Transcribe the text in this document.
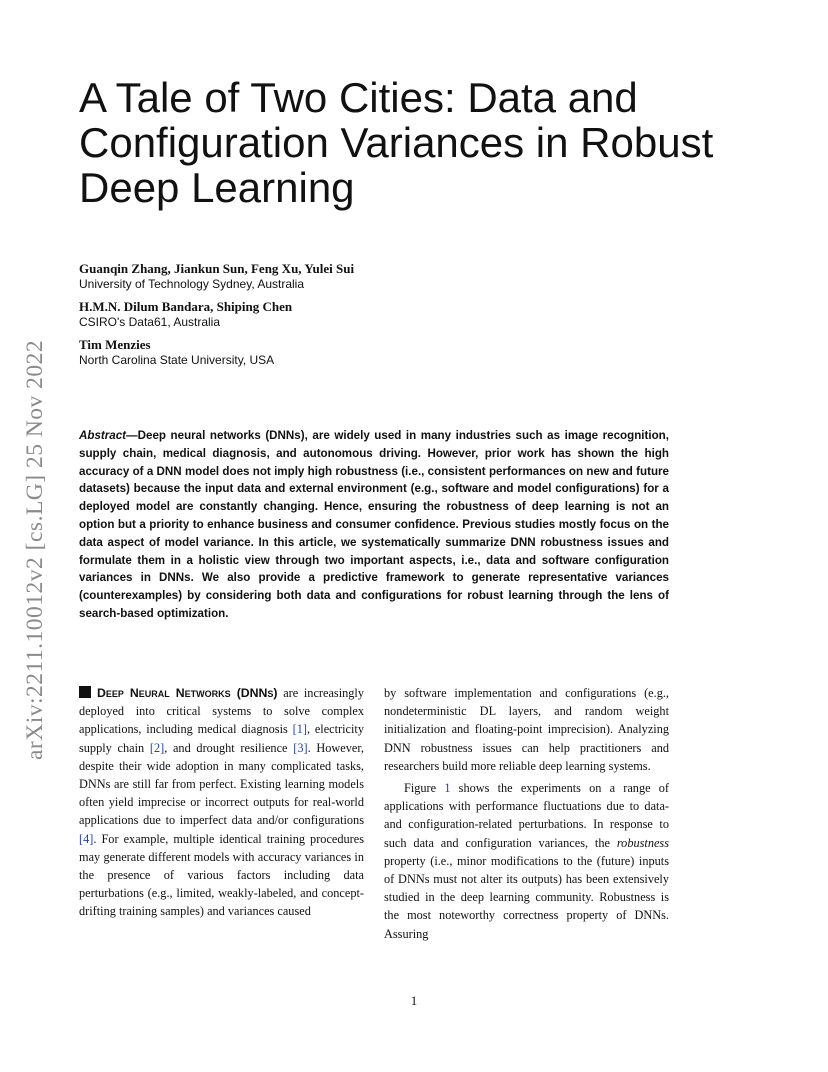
arXiv:2211.10012v2 [cs.LG] 25 Nov 2022
A Tale of Two Cities: Data and Configuration Variances in Robust Deep Learning
Guanqin Zhang, Jiankun Sun, Feng Xu, Yulei Sui
University of Technology Sydney, Australia
H.M.N. Dilum Bandara, Shiping Chen
CSIRO's Data61, Australia
Tim Menzies
North Carolina State University, USA

Abstract—Deep neural networks (DNNs), are widely used in many industries such as image recognition, supply chain, medical diagnosis, and autonomous driving. However, prior work has shown the high accuracy of a DNN model does not imply high robustness (i.e., consistent performances on new and future datasets) because the input data and external environment (e.g., software and model configurations) for a deployed model are constantly changing. Hence, ensuring the robustness of deep learning is not an option but a priority to enhance business and consumer confidence. Previous studies mostly focus on the data aspect of model variance. In this article, we systematically summarize DNN robustness issues and formulate them in a holistic view through two important aspects, i.e., data and software configuration variances in DNNs. We also provide a predictive framework to generate representative variances (counterexamples) by considering both data and configurations for robust learning through the lens of search-based optimization.

Deep Neural Networks (DNNs) are increasingly deployed into critical systems to solve complex applications, including medical diagnosis [1], electricity supply chain [2], and drought resilience [3]. However, despite their wide adoption in many complicated tasks, DNNs are still far from perfect. Existing learning models often yield imprecise or incorrect outputs for real-world applications due to imperfect data and/or configurations [4]. For example, multiple identical training procedures may generate different models with accuracy variances in the presence of various factors including data perturbations (e.g., limited, weakly-labeled, and concept-drifting training samples) and variances caused

by software implementation and configurations (e.g., nondeterministic DL layers, and random weight initialization and floating-point imprecision). Analyzing DNN robustness issues can help practitioners and researchers build more reliable deep learning systems.

Figure 1 shows the experiments on a range of applications with performance fluctuations due to data- and configuration-related perturbations. In response to such data and configuration variances, the robustness property (i.e., minor modifications to the (future) inputs of DNNs must not alter its outputs) has been extensively studied in the deep learning community. Robustness is the most noteworthy correctness property of DNNs. Assuring

1
